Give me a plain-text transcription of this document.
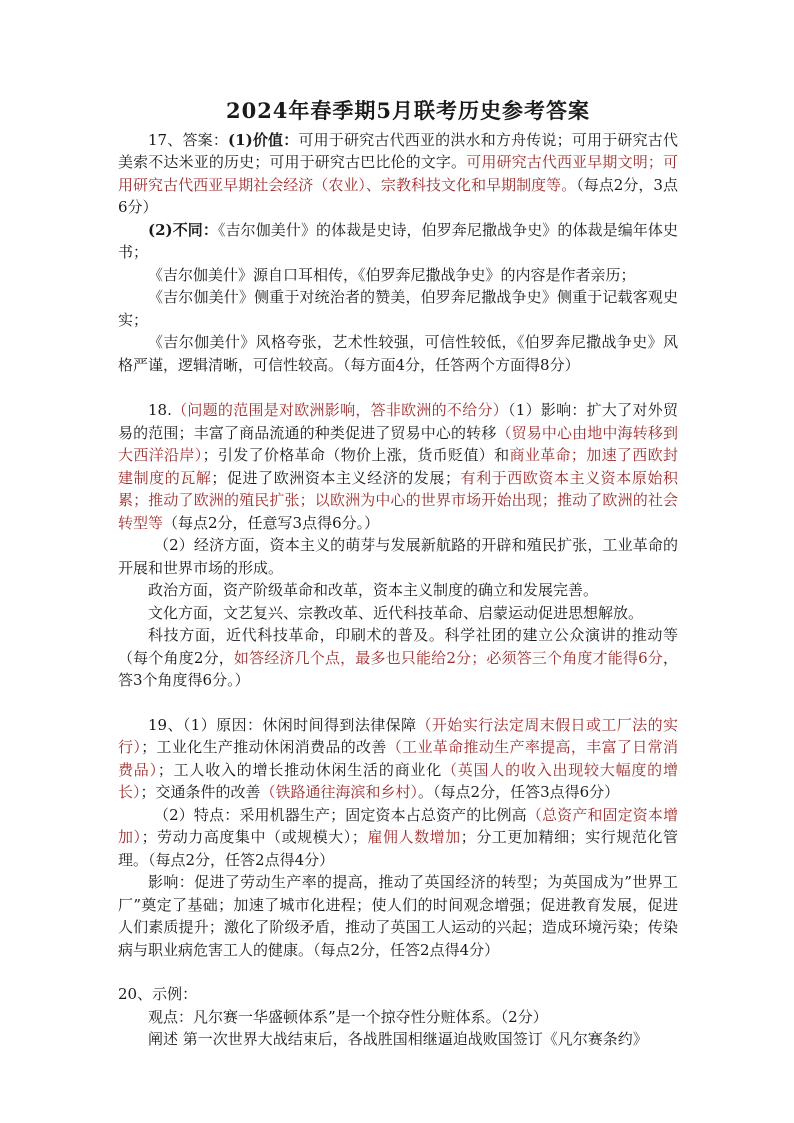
2024年春季期5月联考历史参考答案

17、答案：(1)价值：可用于研究古代西亚的洪水和方舟传说；可用于研究古代美索不达米亚的历史；可用于研究古巴比伦的文字。可用研究古代西亚早期文明；可用研究古代西亚早期社会经济（农业）、宗教科技文化和早期制度等。（每点2分，3点6分）

(2)不同：《吉尔伽美什》的体裁是史诗，伯罗奔尼撒战争史》的体裁是编年体史书；

《吉尔伽美什》源自口耳相传，《伯罗奔尼撒战争史》的内容是作者亲历；

《吉尔伽美什》侧重于对统治者的赞美，伯罗奔尼撒战争史》侧重于记载客观史实；

《吉尔伽美什》风格夸张，艺术性较强，可信性较低，《伯罗奔尼撒战争史》风格严谨，逻辑清晰，可信性较高。（每方面4分，任答两个方面得8分）

18.（问题的范围是对欧洲影响，答非欧洲的不给分）（1）影响：扩大了对外贸易的范围；丰富了商品流通的种类促进了贸易中心的转移（贸易中心由地中海转移到大西洋沿岸）；引发了价格革命（物价上涨，货币贬值）和商业革命；加速了西欧封建制度的瓦解；促进了欧洲资本主义经济的发展；有利于西欧资本主义资本原始积累；推动了欧洲的殖民扩张；以欧洲为中心的世界市场开始出现；推动了欧洲的社会转型等（每点2分，任意写3点得6分。）

（2）经济方面，资本主义的萌芽与发展新航路的开辟和殖民扩张，工业革命的开展和世界市场的形成。

政治方面，资产阶级革命和改革，资本主义制度的确立和发展完善。

文化方面，文艺复兴、宗教改革、近代科技革命、启蒙运动促进思想解放。

科技方面，近代科技革命，印刷术的普及。科学社团的建立公众演讲的推动等（每个角度2分，如答经济几个点，最多也只能给2分；必须答三个角度才能得6分，答3个角度得6分。）

19、（1）原因：休闲时间得到法律保障（开始实行法定周末假日或工厂法的实行）；工业化生产推动休闲消费品的改善（工业革命推动生产率提高，丰富了日常消费品）；工人收入的增长推动休闲生活的商业化（英国人的收入出现较大幅度的增长）；交通条件的改善（铁路通往海滨和乡村）。（每点2分，任答3点得6分）

（2）特点：采用机器生产；固定资本占总资产的比例高（总资产和固定资本增加）；劳动力高度集中（或规模大）；雇佣人数增加；分工更加精细；实行规范化管理。（每点2分，任答2点得4分）

影响：促进了劳动生产率的提高，推动了英国经济的转型；为英国成为”世界工厂”奠定了基础；加速了城市化进程；使人们的时间观念增强；促进教育发展，促进人们素质提升；激化了阶级矛盾，推动了英国工人运动的兴起；造成环境污染；传染病与职业病危害工人的健康。（每点2分，任答2点得4分）

20、示例：

观点：凡尔赛一华盛顿体系”是一个掠夺性分赃体系。（2分）

阐述 第一次世界大战结束后，各战胜国相继逼迫战败国签订《凡尔赛条约》
